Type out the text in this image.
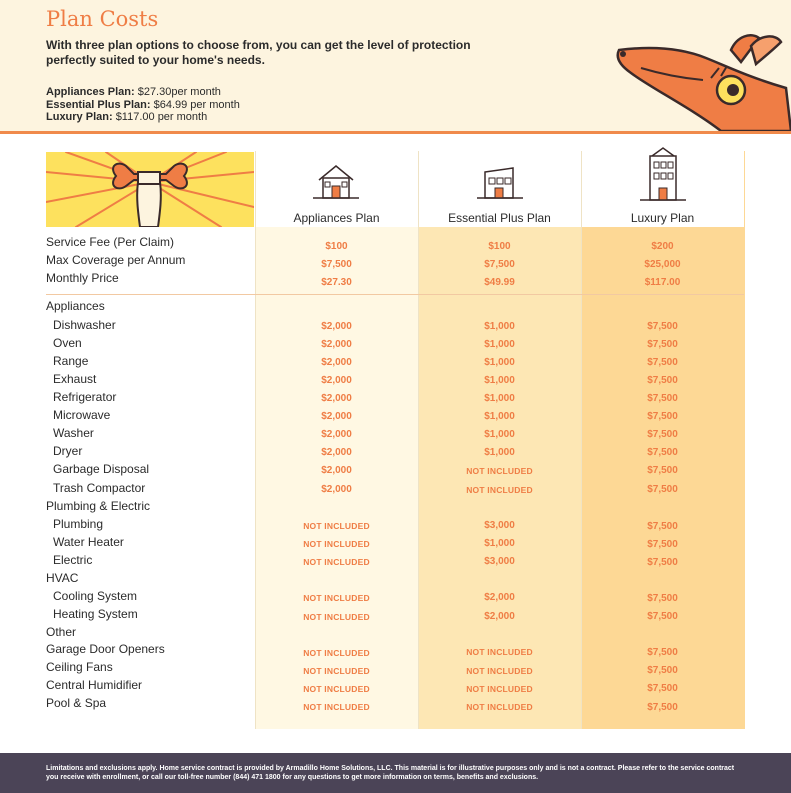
Plan Costs
With three plan options to choose from, you can get the level of protection perfectly suited to your home's needs.
Appliances Plan: $27.30per month
Essential Plus Plan: $64.99 per month
Luxury Plan: $117.00 per month
Appliances Plan	Essential Plus Plan	Luxury Plan
Service Fee (Per Claim)	$100	$100	$200
Max Coverage per Annum	$7,500	$7,500	$25,000
Monthly Price	$27.30	$49.99	$117.00
Appliances
Dishwasher	$2,000	$1,000	$7,500
Oven	$2,000	$1,000	$7,500
Range	$2,000	$1,000	$7,500
Exhaust	$2,000	$1,000	$7,500
Refrigerator	$2,000	$1,000	$7,500
Microwave	$2,000	$1,000	$7,500
Washer	$2,000	$1,000	$7,500
Dryer	$2,000	$1,000	$7,500
Garbage Disposal	$2,000	NOT INCLUDED	$7,500
Trash Compactor	$2,000	NOT INCLUDED	$7,500
Plumbing & Electric
Plumbing	NOT INCLUDED	$3,000	$7,500
Water Heater	NOT INCLUDED	$1,000	$7,500
Electric	NOT INCLUDED	$3,000	$7,500
HVAC
Cooling System	NOT INCLUDED	$2,000	$7,500
Heating System	NOT INCLUDED	$2,000	$7,500
Other
Garage Door Openers	NOT INCLUDED	NOT INCLUDED	$7,500
Ceiling Fans	NOT INCLUDED	NOT INCLUDED	$7,500
Central Humidifier	NOT INCLUDED	NOT INCLUDED	$7,500
Pool & Spa	NOT INCLUDED	NOT INCLUDED	$7,500
Limitations and exclusions apply. Home service contract is provided by Armadillo Home Solutions, LLC. This material is for illustrative purposes only and is not a contract. Please refer to the service contract you receive with enrollment, or call our toll-free number (844) 471 1800 for any questions to get more information on terms, benefits and exclusions.
